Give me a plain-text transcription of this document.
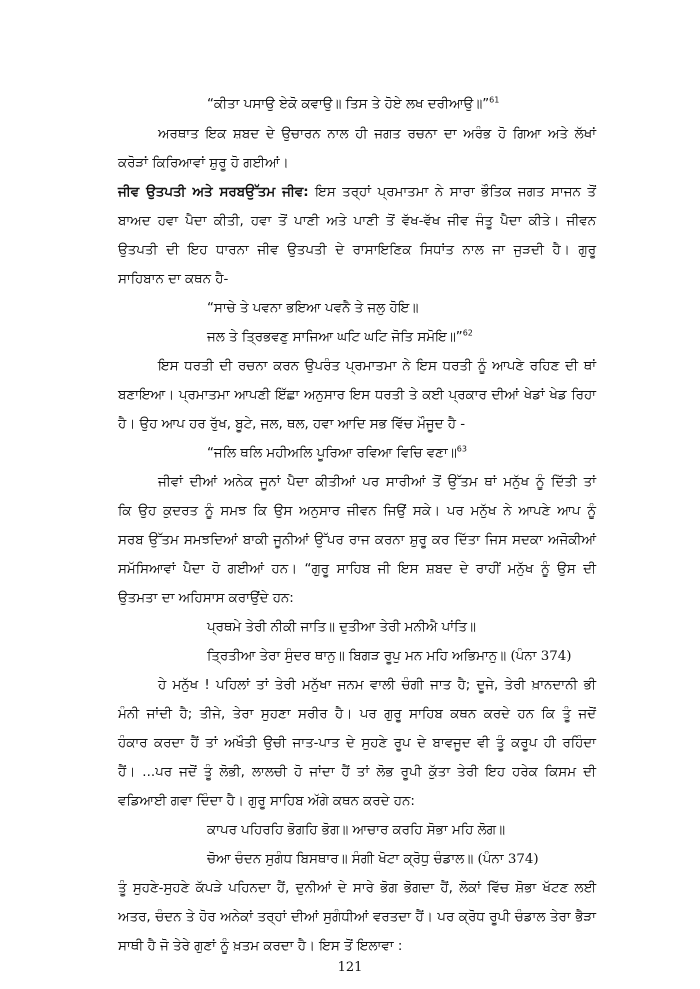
“ਕੀਤਾ ਪਸਾਉ ਏਕੋ ਕਵਾਉ॥ ਤਿਸ ਤੇ ਹੋਏ ਲਖ ਦਰੀਆਉ॥”$^{61}$
ਅਰਥਾਤ ਇਕ ਸ਼ਬਦ ਦੇ ਉਚਾਰਨ ਨਾਲ ਹੀ ਜਗਤ ਰਚਨਾ ਦਾ ਅਰੰਭ ਹੋ ਗਿਆ ਅਤੇ ਲੱਖਾਂ
ਕਰੋੜਾਂ ਕਿਰਿਆਵਾਂ ਸ਼ੁਰੂ ਹੋ ਗਈਆਂ।
ਜੀਵ ਉਤਪਤੀ ਅਤੇ ਸਰਬਉੱਤਮ ਜੀਵ: ਇਸ ਤਰ੍ਹਾਂ ਪ੍ਰਮਾਤਮਾ ਨੇ ਸਾਰਾ ਭੌਤਿਕ ਜਗਤ ਸਾਜਨ ਤੋਂ
ਬਾਅਦ ਹਵਾ ਪੈਦਾ ਕੀਤੀ, ਹਵਾ ਤੋਂ ਪਾਣੀ ਅਤੇ ਪਾਣੀ ਤੋਂ ਵੱਖ-ਵੱਖ ਜੀਵ ਜੰਤੂ ਪੈਦਾ ਕੀਤੇ। ਜੀਵਨ
ਉਤਪਤੀ ਦੀ ਇਹ ਧਾਰਨਾ ਜੀਵ ਉਤਪਤੀ ਦੇ ਰਾਸਾਇਣਿਕ ਸਿਧਾਂਤ ਨਾਲ ਜਾ ਜੁੜਦੀ ਹੈ। ਗੁਰੂ
ਸਾਹਿਬਾਨ ਦਾ ਕਥਨ ਹੈ-
“ਸਾਚੇ ਤੇ ਪਵਨਾ ਭਇਆ ਪਵਨੈ ਤੇ ਜਲੁ ਹੋਇ॥
ਜਲ ਤੇ ਤ੍ਰਿਭਵਣੁ ਸਾਜਿਆ ਘਟਿ ਘਟਿ ਜੋਤਿ ਸਮੋਇ॥”$^{62}$
ਇਸ ਧਰਤੀ ਦੀ ਰਚਨਾ ਕਰਨ ਉਪਰੰਤ ਪ੍ਰਮਾਤਮਾ ਨੇ ਇਸ ਧਰਤੀ ਨੂੰ ਆਪਣੇ ਰਹਿਣ ਦੀ ਥਾਂ
ਬਣਾਇਆ। ਪ੍ਰਮਾਤਮਾ ਆਪਣੀ ਇੱਛਾ ਅਨੁਸਾਰ ਇਸ ਧਰਤੀ ਤੇ ਕਈ ਪ੍ਰਕਾਰ ਦੀਆਂ ਖੇਡਾਂ ਖੇਡ ਰਿਹਾ
ਹੈ। ਉਹ ਆਪ ਹਰ ਰੁੱਖ, ਬੂਟੇ, ਜਲ, ਥਲ, ਹਵਾ ਆਦਿ ਸਭ ਵਿੱਚ ਮੌਜੂਦ ਹੈ -
“ਜਲਿ ਥਲਿ ਮਹੀਅਲਿ ਪੂਰਿਆ ਰਵਿਆ ਵਿਚਿ ਵਣਾ॥$^{63}$
ਜੀਵਾਂ ਦੀਆਂ ਅਨੇਕ ਜੂਨਾਂ ਪੈਦਾ ਕੀਤੀਆਂ ਪਰ ਸਾਰੀਆਂ ਤੋਂ ਉੱਤਮ ਥਾਂ ਮਨੁੱਖ ਨੂੰ ਦਿੱਤੀ ਤਾਂ
ਕਿ ਉਹ ਕੁਦਰਤ ਨੂੰ ਸਮਝ ਕਿ ਉਸ ਅਨੁਸਾਰ ਜੀਵਨ ਜਿਉਂ ਸਕੇ। ਪਰ ਮਨੁੱਖ ਨੇ ਆਪਣੇ ਆਪ ਨੂੰ
ਸਰਬ ਉੱਤਮ ਸਮਝਦਿਆਂ ਬਾਕੀ ਜੂਨੀਆਂ ਉੱਪਰ ਰਾਜ ਕਰਨਾ ਸ਼ੁਰੂ ਕਰ ਦਿੱਤਾ ਜਿਸ ਸਦਕਾ ਅਜੋਕੀਆਂ
ਸਮੱਸਿਆਵਾਂ ਪੈਦਾ ਹੋ ਗਈਆਂ ਹਨ। “ਗੁਰੂ ਸਾਹਿਬ ਜੀ ਇਸ ਸ਼ਬਦ ਦੇ ਰਾਹੀਂ ਮਨੁੱਖ ਨੂੰ ਉਸ ਦੀ
ਉਤਮਤਾ ਦਾ ਅਹਿਸਾਸ ਕਰਾਉਂਦੇ ਹਨ:
ਪ੍ਰਥਮੇ ਤੇਰੀ ਨੀਕੀ ਜਾਤਿ॥ ਦੁਤੀਆ ਤੇਰੀ ਮਨੀਐ ਪਾਂਤਿ॥
ਤ੍ਰਿਤੀਆ ਤੇਰਾ ਸੁੰਦਰ ਥਾਨੁ॥ ਬਿਗੜ ਰੂਪੁ ਮਨ ਮਹਿ ਅਭਿਮਾਨੁ॥ (ਪੰਨਾ 374)
ਹੇ ਮਨੁੱਖ ! ਪਹਿਲਾਂ ਤਾਂ ਤੇਰੀ ਮਨੁੱਖਾ ਜਨਮ ਵਾਲੀ ਚੰਗੀ ਜਾਤ ਹੈ; ਦੂਜੇ, ਤੇਰੀ ਖ਼ਾਨਦਾਨੀ ਭੀ
ਮੰਨੀ ਜਾਂਦੀ ਹੈ; ਤੀਜੇ, ਤੇਰਾ ਸੁਹਣਾ ਸਰੀਰ ਹੈ। ਪਰ ਗੁਰੂ ਸਾਹਿਬ ਕਥਨ ਕਰਦੇ ਹਨ ਕਿ ਤੂੰ ਜਦੋਂ
ਹੰਕਾਰ ਕਰਦਾ ਹੈਂ ਤਾਂ ਅਖੌਤੀ ਉਚੀ ਜਾਤ-ਪਾਤ ਦੇ ਸੁਹਣੇ ਰੂਪ ਦੇ ਬਾਵਜੂਦ ਵੀ ਤੂੰ ਕਰੂਪ ਹੀ ਰਹਿੰਦਾ
ਹੈਂ। ...ਪਰ ਜਦੋਂ ਤੂੰ ਲੋਭੀ, ਲਾਲਚੀ ਹੋ ਜਾਂਦਾ ਹੈਂ ਤਾਂ ਲੋਭ ਰੂਪੀ ਕੁੱਤਾ ਤੇਰੀ ਇਹ ਹਰੇਕ ਕਿਸਮ ਦੀ
ਵਡਿਆਈ ਗਵਾ ਦਿੰਦਾ ਹੈ। ਗੁਰੂ ਸਾਹਿਬ ਅੱਗੇ ਕਥਨ ਕਰਦੇ ਹਨ:
ਕਾਪਰ ਪਹਿਰਹਿ ਭੋਗਹਿ ਭੋਗ॥ ਆਚਾਰ ਕਰਹਿ ਸੋਭਾ ਮਹਿ ਲੋਗ॥
ਚੋਆ ਚੰਦਨ ਸੁਗੰਧ ਬਿਸਥਾਰ॥ ਸੰਗੀ ਖੋਟਾ ਕ੍ਰੋਧੁ ਚੰਡਾਲ॥ (ਪੰਨਾ 374)
ਤੂੰ ਸੁਹਣੇ-ਸੁਹਣੇ ਕੱਪੜੇ ਪਹਿਨਦਾ ਹੈਂ, ਦੁਨੀਆਂ ਦੇ ਸਾਰੇ ਭੋਗ ਭੋਗਦਾ ਹੈਂ, ਲੋਕਾਂ ਵਿੱਚ ਸ਼ੋਭਾ ਖੱਟਣ ਲਈ
ਅਤਰ, ਚੰਦਨ ਤੇ ਹੋਰ ਅਨੇਕਾਂ ਤਰ੍ਹਾਂ ਦੀਆਂ ਸੁਗੰਧੀਆਂ ਵਰਤਦਾ ਹੈਂ। ਪਰ ਕ੍ਰੋਧ ਰੂਪੀ ਚੰਡਾਲ ਤੇਰਾ ਭੈੜਾ
ਸਾਥੀ ਹੈ ਜੋ ਤੇਰੇ ਗੁਣਾਂ ਨੂੰ ਖ਼ਤਮ ਕਰਦਾ ਹੈ। ਇਸ ਤੋਂ ਇਲਾਵਾ :
121
